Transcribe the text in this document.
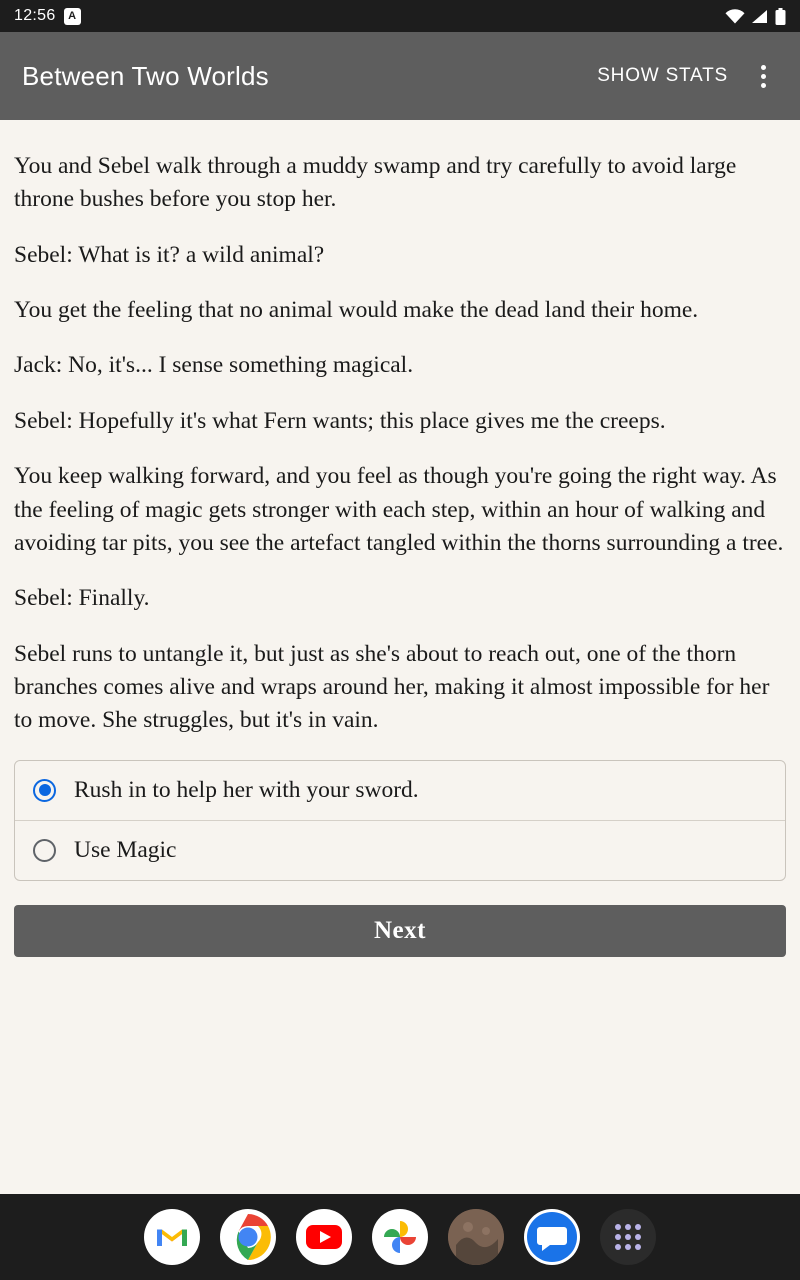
12:56	A
Between Two Worlds	SHOW STATS

You and Sebel walk through a muddy swamp and try carefully to avoid large throne bushes before you stop her.

Sebel: What is it? a wild animal?

You get the feeling that no animal would make the dead land their home.

Jack: No, it's... I sense something magical.

Sebel: Hopefully it's what Fern wants; this place gives me the creeps.

You keep walking forward, and you feel as though you're going the right way. As the feeling of magic gets stronger with each step, within an hour of walking and avoiding tar pits, you see the artefact tangled within the thorns surrounding a tree.

Sebel: Finally.

Sebel runs to untangle it, but just as she's about to reach out, one of the thorn branches comes alive and wraps around her, making it almost impossible for her to move. She struggles, but it's in vain.

Rush in to help her with your sword.
Use Magic
Next
